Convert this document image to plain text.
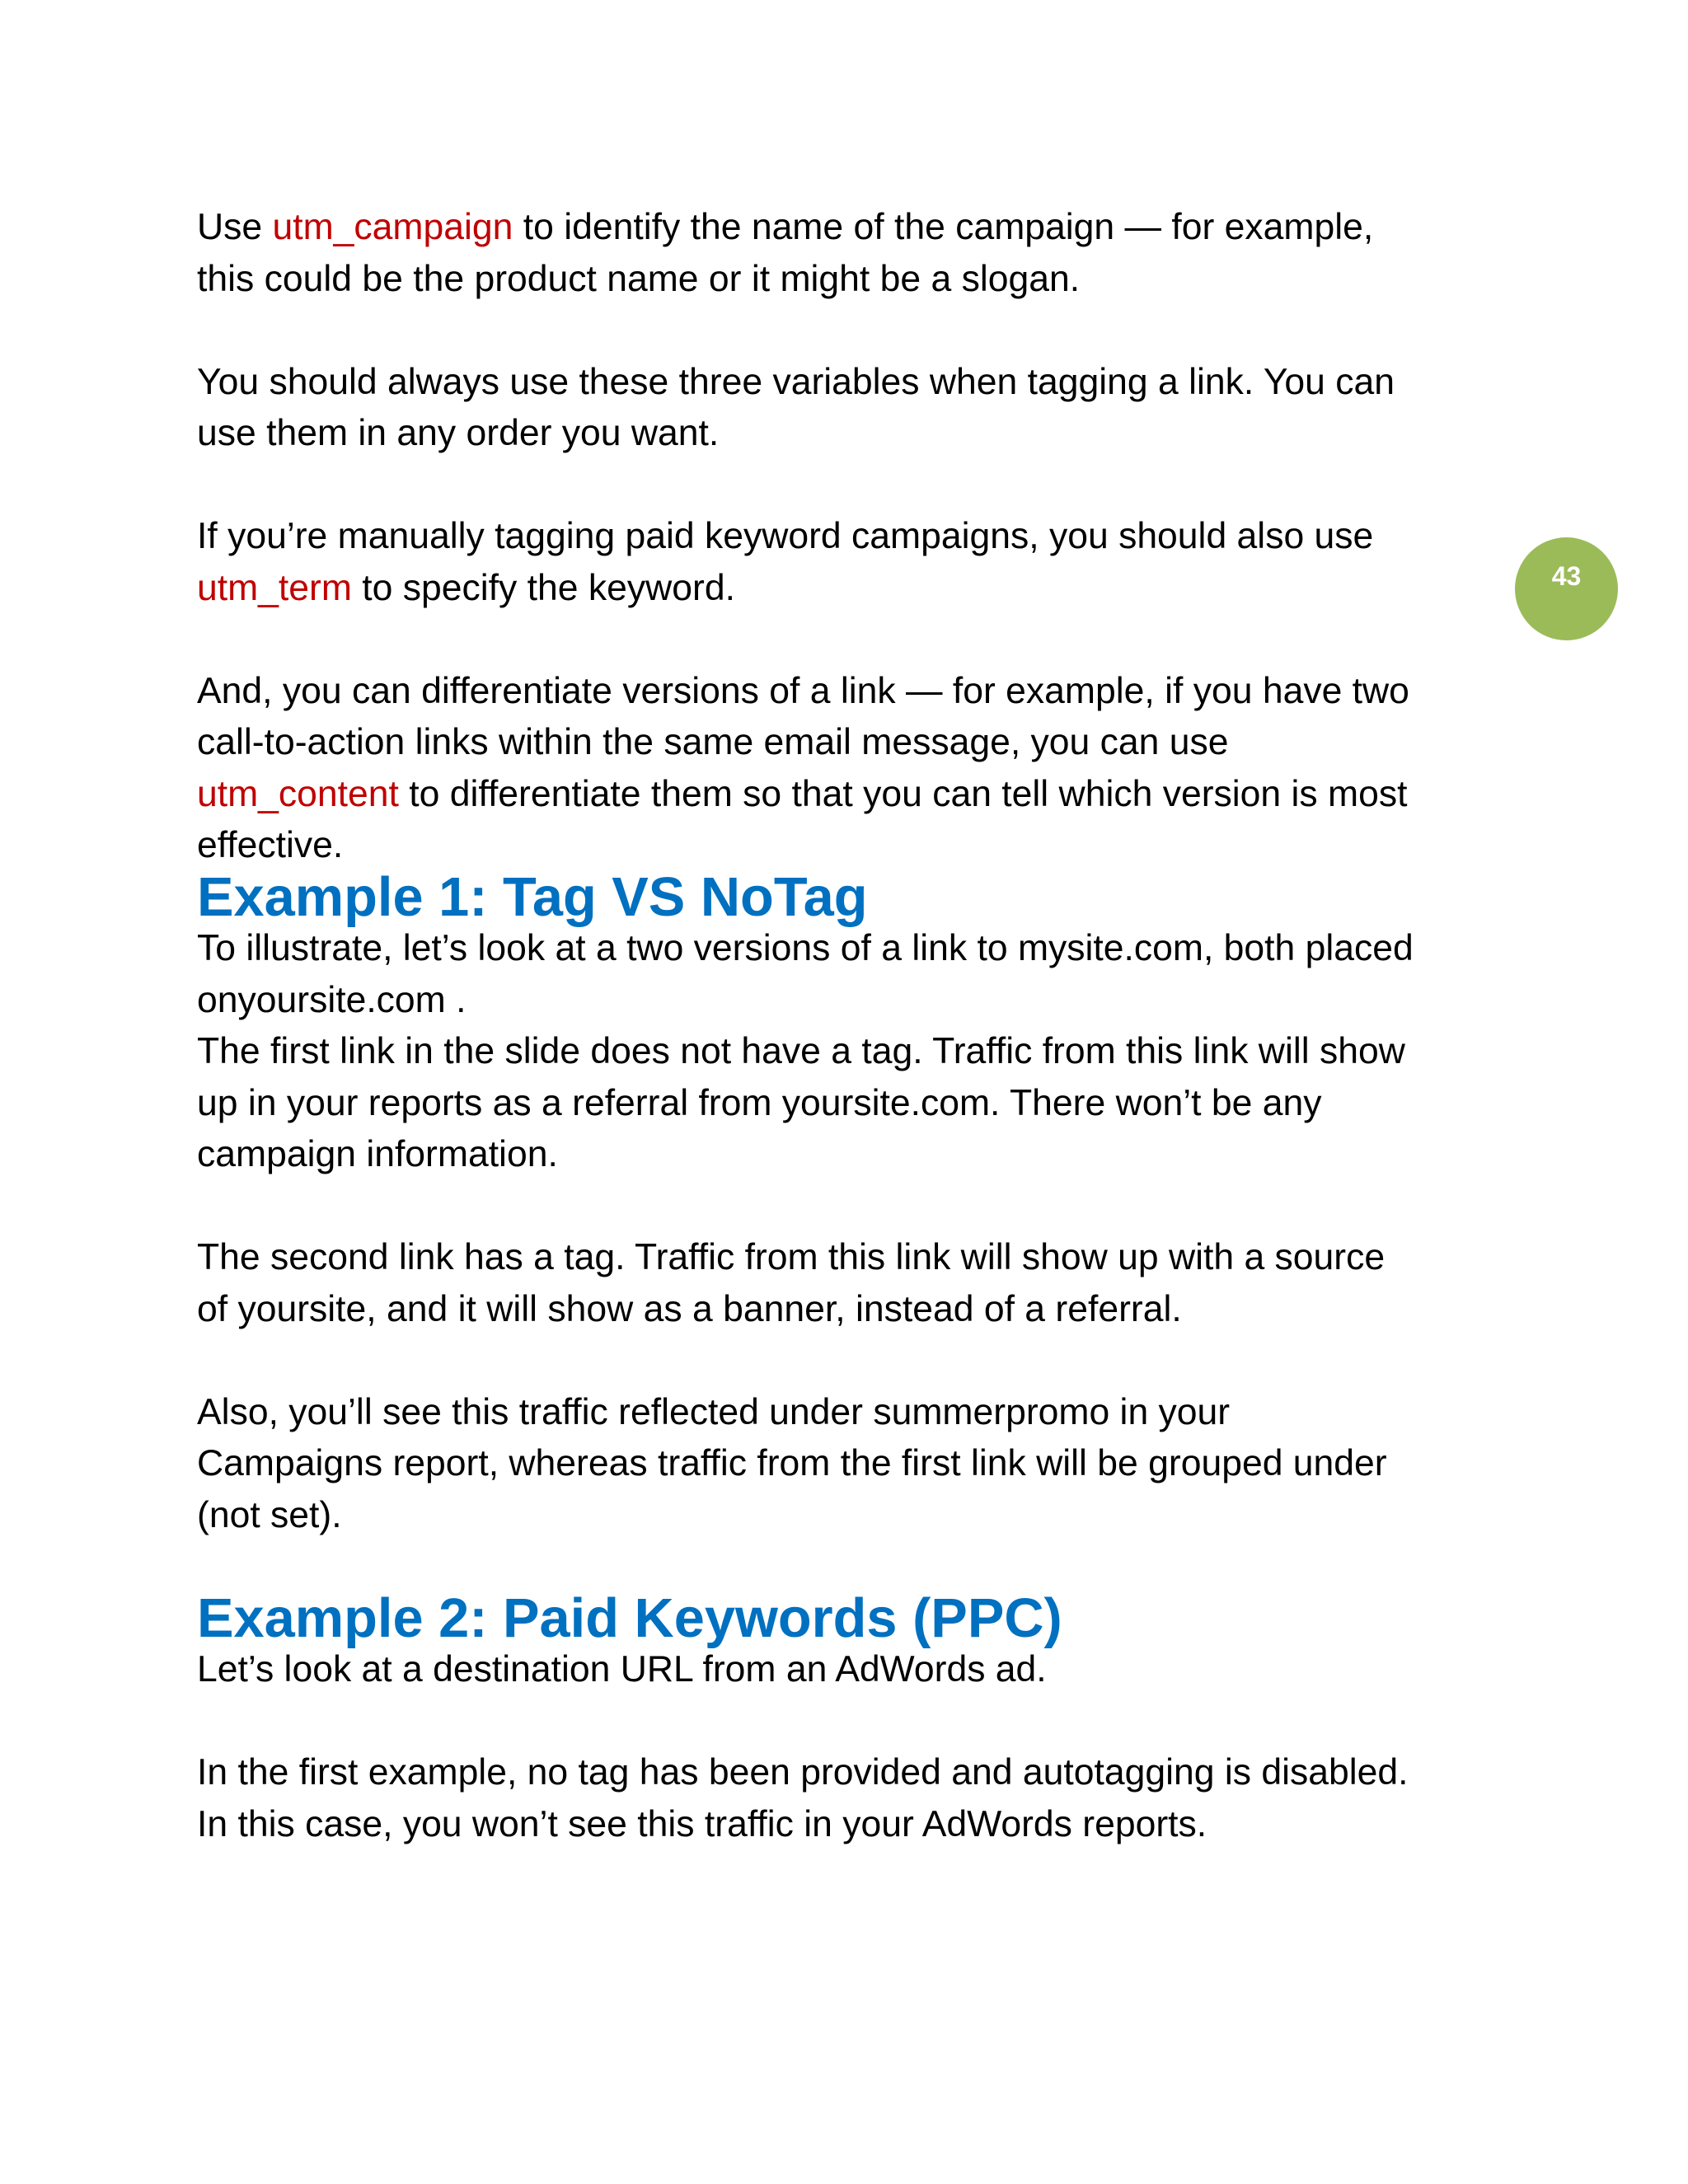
Use utm_campaign to identify the name of the campaign — for example,
this could be the product name or it might be a slogan.

You should always use these three variables when tagging a link. You can
use them in any order you want.

If you’re manually tagging paid keyword campaigns, you should also use
utm_term to specify the keyword.

And, you can differentiate versions of a link — for example, if you have two
call-to-action links within the same email message, you can use
utm_content to differentiate them so that you can tell which version is most
effective.

Example 1: Tag VS NoTag

To illustrate, let’s look at a two versions of a link to mysite.com, both placed
onyoursite.com .

The first link in the slide does not have a tag. Traffic from this link will show
up in your reports as a referral from yoursite.com. There won’t be any
campaign information.

The second link has a tag. Traffic from this link will show up with a source
of yoursite, and it will show as a banner, instead of a referral.

Also, you’ll see this traffic reflected under summerpromo in your
Campaigns report, whereas traffic from the first link will be grouped under
(not set).

Example 2: Paid Keywords (PPC)

Let’s look at a destination URL from an AdWords ad.

In the first example, no tag has been provided and autotagging is disabled.
In this case, you won’t see this traffic in your AdWords reports.

43
